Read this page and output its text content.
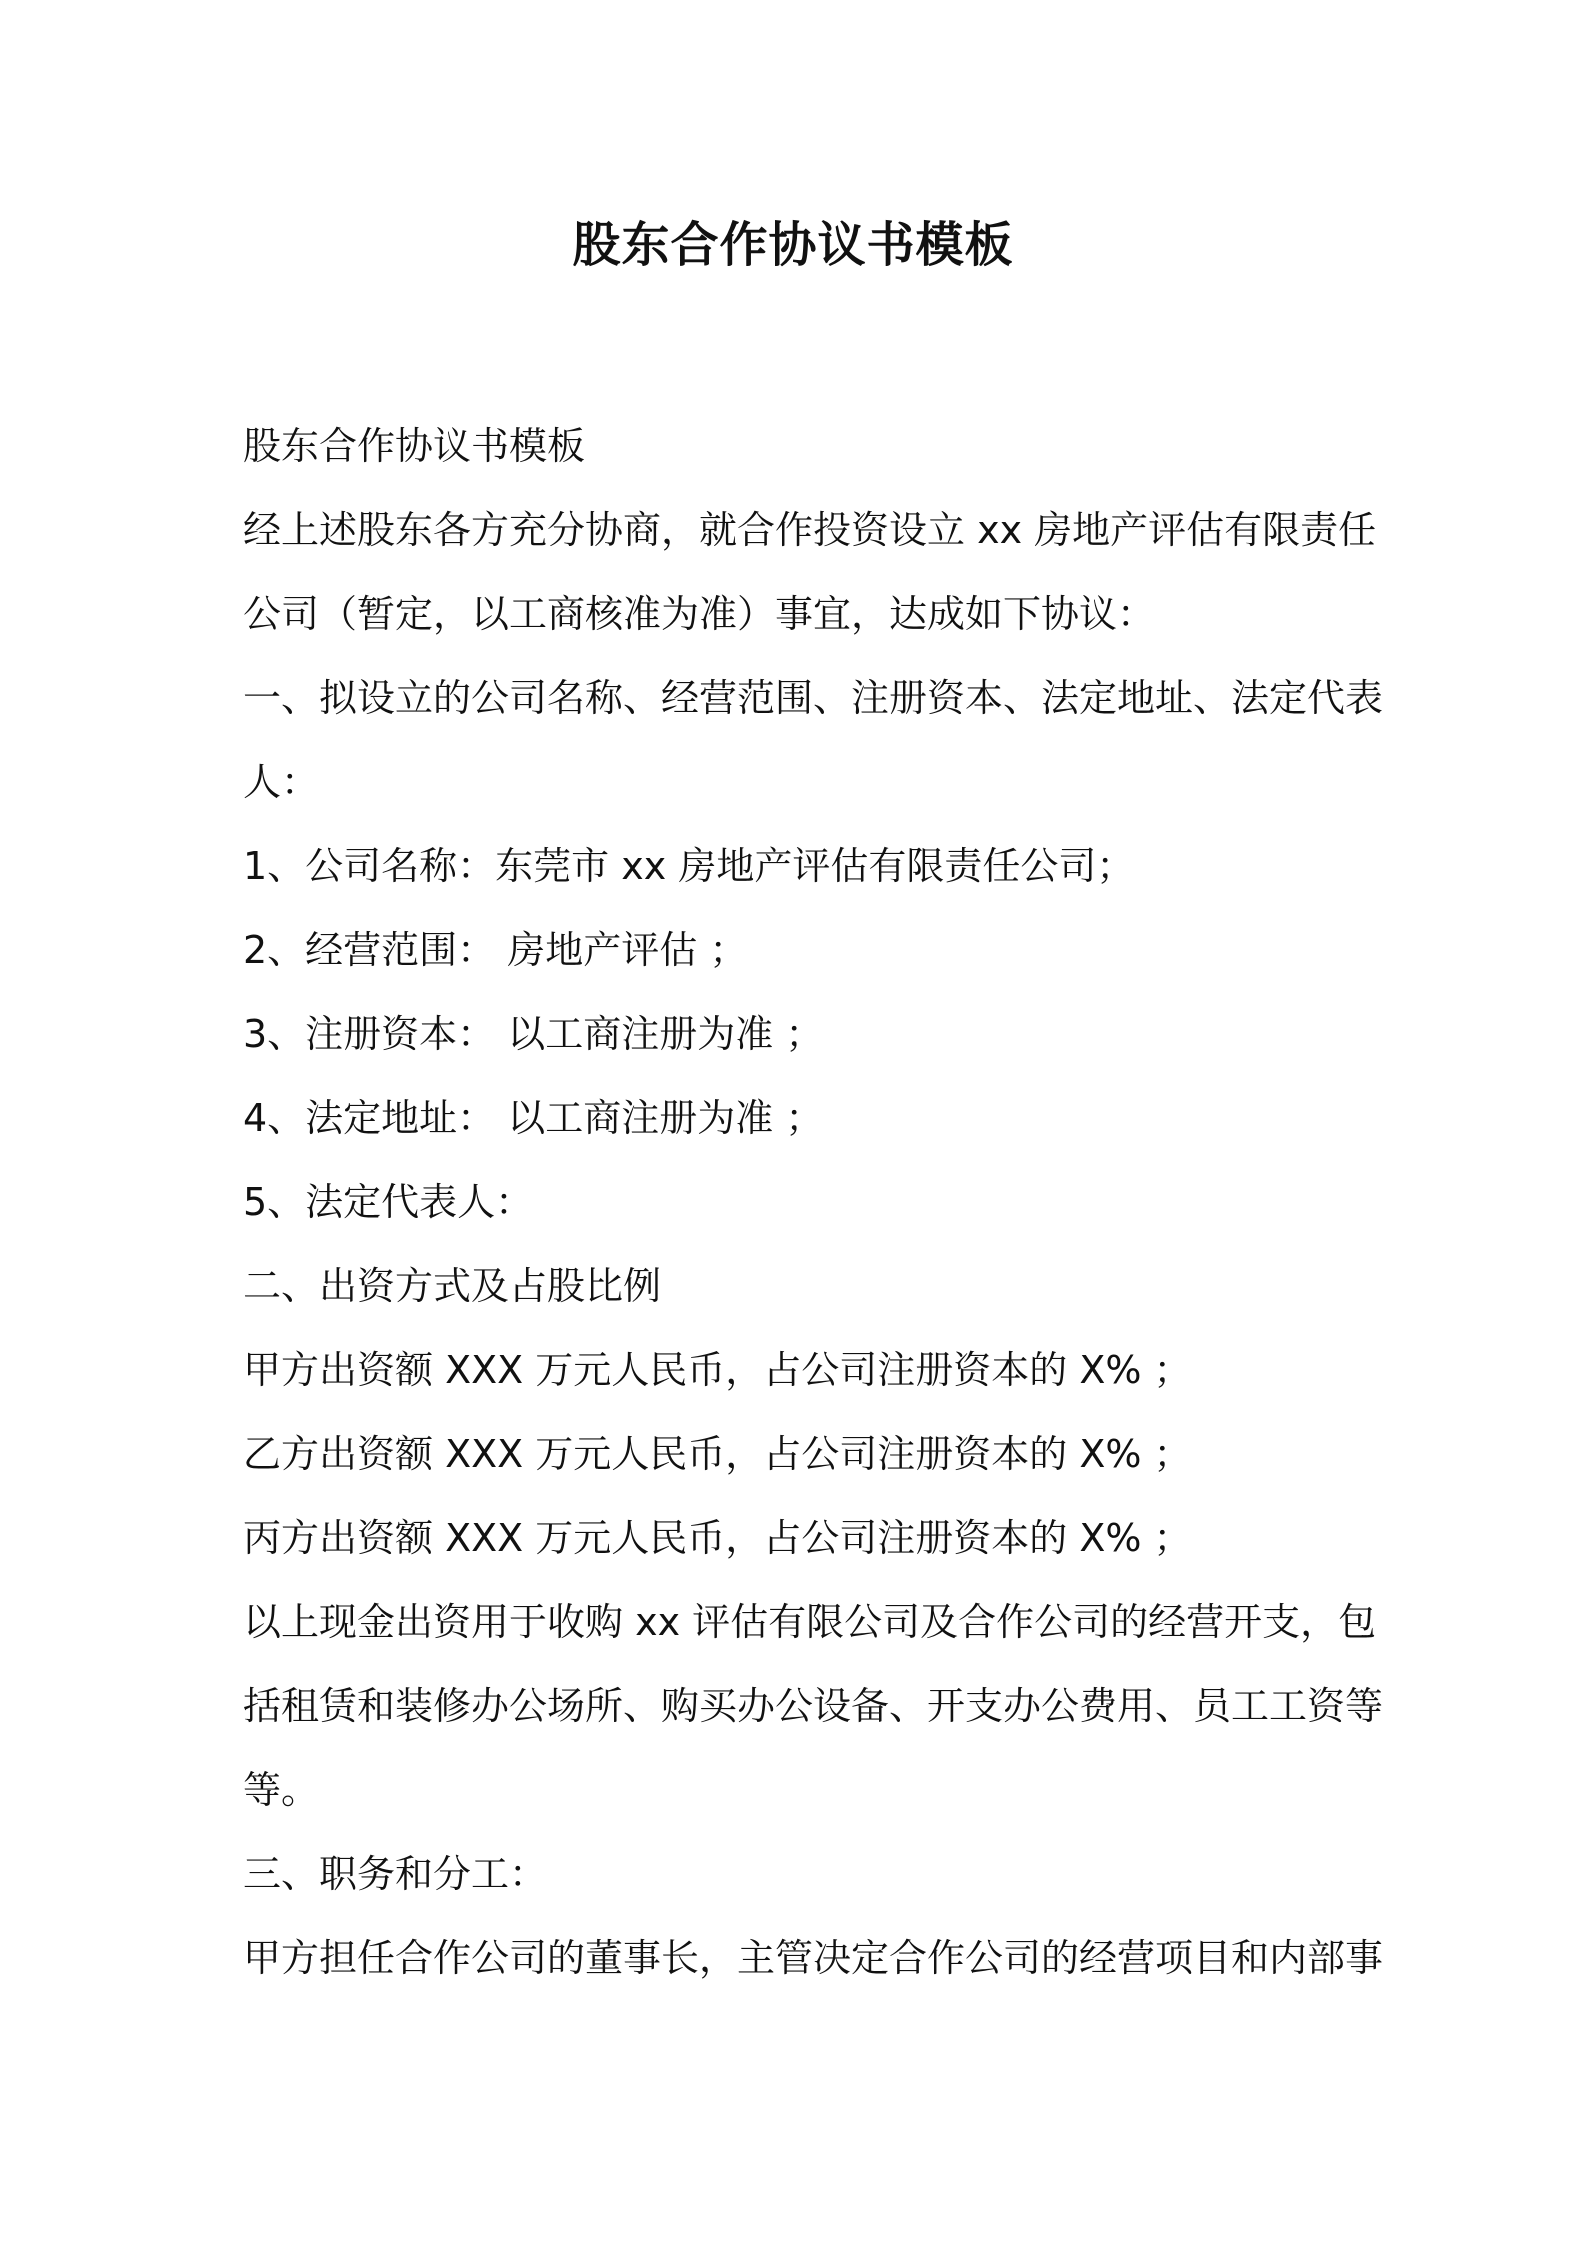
股东合作协议书模板

股东合作协议书模板

经上述股东各方充分协商，就合作投资设立 xx 房地产评估有限责任

公司（暂定，以工商核准为准）事宜，达成如下协议：

一、拟设立的公司名称、经营范围、注册资本、法定地址、法定代表

人：

1、公司名称：东莞市 xx 房地产评估有限责任公司；

2、经营范围： 房地产评估 ；

3、注册资本： 以工商注册为准 ；

4、法定地址： 以工商注册为准 ；

5、法定代表人：

二、出资方式及占股比例

甲方出资额 XXX 万元人民币，占公司注册资本的 X% ；

乙方出资额 XXX 万元人民币，占公司注册资本的 X% ；

丙方出资额 XXX 万元人民币，占公司注册资本的 X% ；

以上现金出资用于收购 xx 评估有限公司及合作公司的经营开支，包

括租赁和装修办公场所、购买办公设备、开支办公费用、员工工资等

等。

三、职务和分工：

甲方担任合作公司的董事长，主管决定合作公司的经营项目和内部事
